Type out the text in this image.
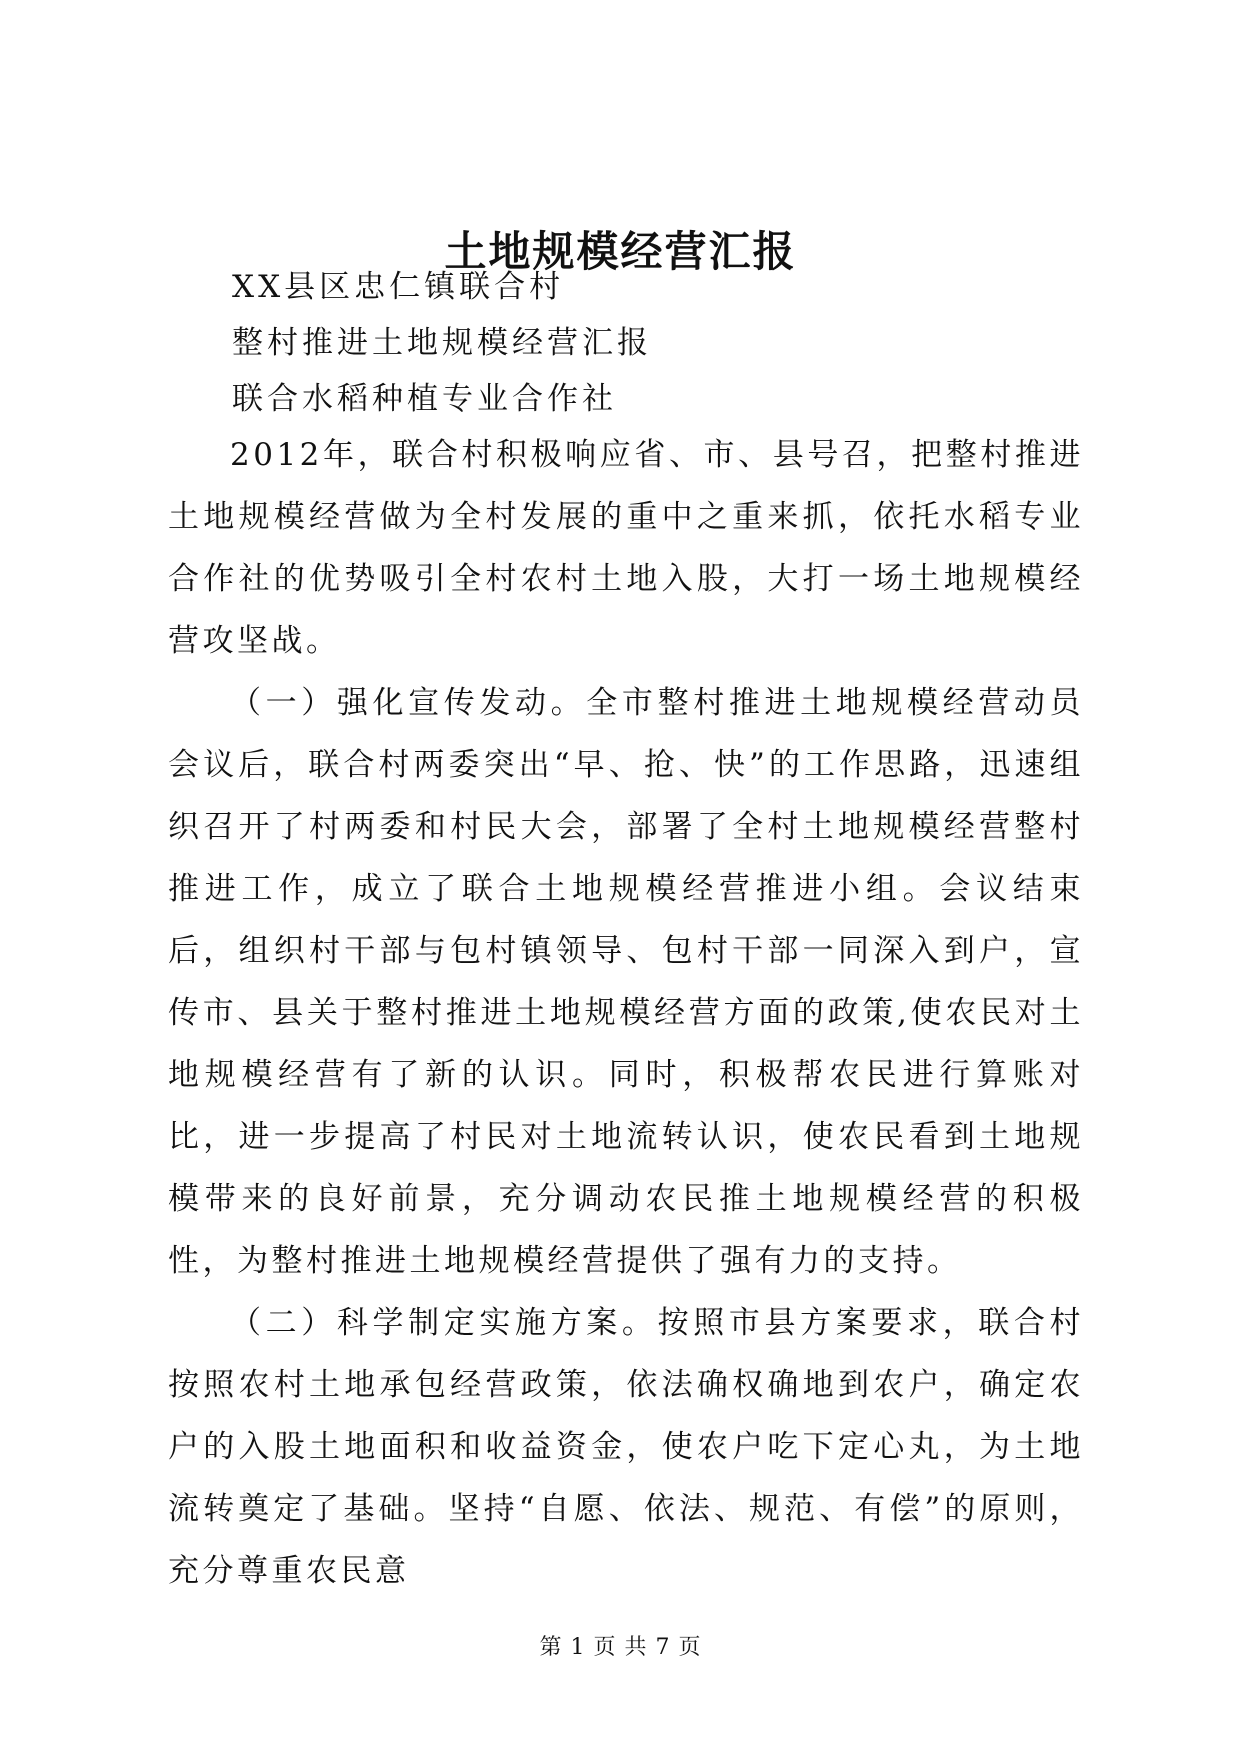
土地规模经营汇报
XX县区忠仁镇联合村
整村推进土地规模经营汇报
联合水稻种植专业合作社

2012年，联合村积极响应省、市、县号召，把整村推进土地规模经营做为全村发展的重中之重来抓，依托水稻专业合作社的优势吸引全村农村土地入股，大打一场土地规模经营攻坚战。

（一）强化宣传发动。全市整村推进土地规模经营动员会议后，联合村两委突出“早、抢、快”的工作思路，迅速组织召开了村两委和村民大会，部署了全村土地规模经营整村推进工作，成立了联合土地规模经营推进小组。会议结束后，组织村干部与包村镇领导、包村干部一同深入到户，宣传市、县关于整村推进土地规模经营方面的政策,使农民对土地规模经营有了新的认识。同时，积极帮农民进行算账对比，进一步提高了村民对土地流转认识，使农民看到土地规模带来的良好前景，充分调动农民推土地规模经营的积极性，为整村推进土地规模经营提供了强有力的支持。

（二）科学制定实施方案。按照市县方案要求，联合村按照农村土地承包经营政策，依法确权确地到农户，确定农户的入股土地面积和收益资金，使农户吃下定心丸，为土地流转奠定了基础。坚持“自愿、依法、规范、有偿”的原则，充分尊重农民意

第 1 页 共 7 页
